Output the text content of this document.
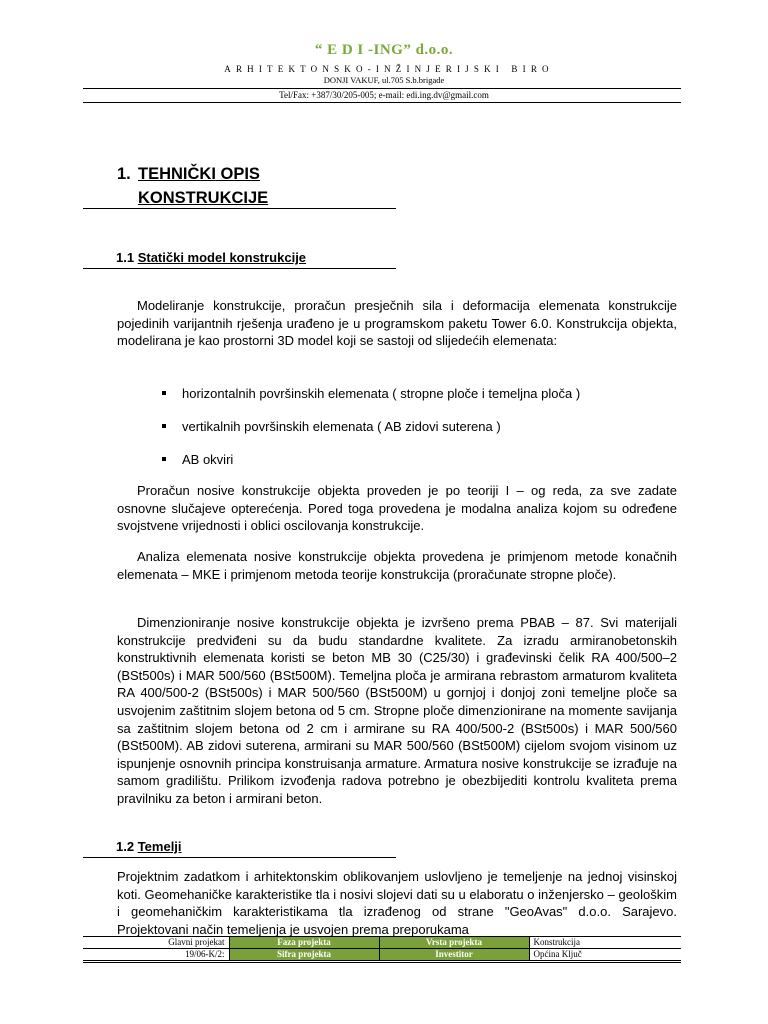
“ E D I -ING” d.o.o.
ARHITEKTONSKO-INŽINJERIJSKI BIRO
DONJI VAKUF, ul.705 S.b.brigade
Tel/Fax: +387/30/205-005; e-mail: edi.ing.dv@gmail.com
1. TEHNIČKI OPIS
KONSTRUKCIJE
1.1 Statički model konstrukcije
Modeliranje konstrukcije, proračun presječnih sila i deformacija elemenata konstrukcije pojedinih varijantnih rješenja urađeno je u programskom paketu Tower 6.0. Konstrukcija objekta, modelirana je kao prostorni 3D model koji se sastoji od slijedećih elemenata:
horizontalnih površinskih elemenata ( stropne ploče i temeljna ploča )
vertikalnih površinskih elemenata ( AB zidovi suterena )
AB okviri
Proračun nosive konstrukcije objekta proveden je po teoriji I – og reda, za sve zadate osnovne slučajeve opterećenja. Pored toga provedena je modalna analiza kojom su određene svojstvene vrijednosti i oblici oscilovanja konstrukcije.
Analiza elemenata nosive konstrukcije objekta provedena je primjenom metode konačnih elemenata – MKE i primjenom metoda teorije konstrukcija (proračunate stropne ploče).
Dimenzioniranje nosive konstrukcije objekta je izvršeno prema PBAB – 87. Svi materijali konstrukcije predviđeni su da budu standardne kvalitete. Za izradu armiranobetonskih konstruktivnih elemenata koristi se beton MB 30 (C25/30) i građevinski čelik RA 400/500–2 (BSt500s) i MAR 500/560 (BSt500M). Temeljna ploča je armirana rebrastom armaturom kvaliteta RA 400/500-2 (BSt500s) i MAR 500/560 (BSt500M) u gornjoj i donjoj zoni temeljne ploče sa usvojenim zaštitnim slojem betona od 5 cm. Stropne ploče dimenzionirane na momente savijanja sa zaštitnim slojem betona od 2 cm i armirane su RA 400/500-2 (BSt500s) i MAR 500/560 (BSt500M). AB zidovi suterena, armirani su MAR 500/560 (BSt500M) cijelom svojom visinom uz ispunjenje osnovnih principa konstruisanja armature. Armatura nosive konstrukcije se izrađuje na samom gradilištu. Prilikom izvođenja radova potrebno je obezbijediti kontrolu kvaliteta prema pravilniku za beton i armirani beton.
1.2 Temelji
Projektnim zadatkom i arhitektonskim oblikovanjem uslovljeno je temeljenje na jednoj visinskoj koti. Geomehaničke karakteristike tla i nosivi slojevi dati su u elaboratu o inženjersko – geološkim i geomehaničkim karakteristikama tla izrađenog od strane "GeoAvas" d.o.o. Sarajevo. Projektovani način temeljenja je usvojen prema preporukama
Glavni projekat	Faza projekta	Vrsta projekta	Konstrukcija
19/06-K/2:	Sifra projekta	Investitor	Općina Ključ
